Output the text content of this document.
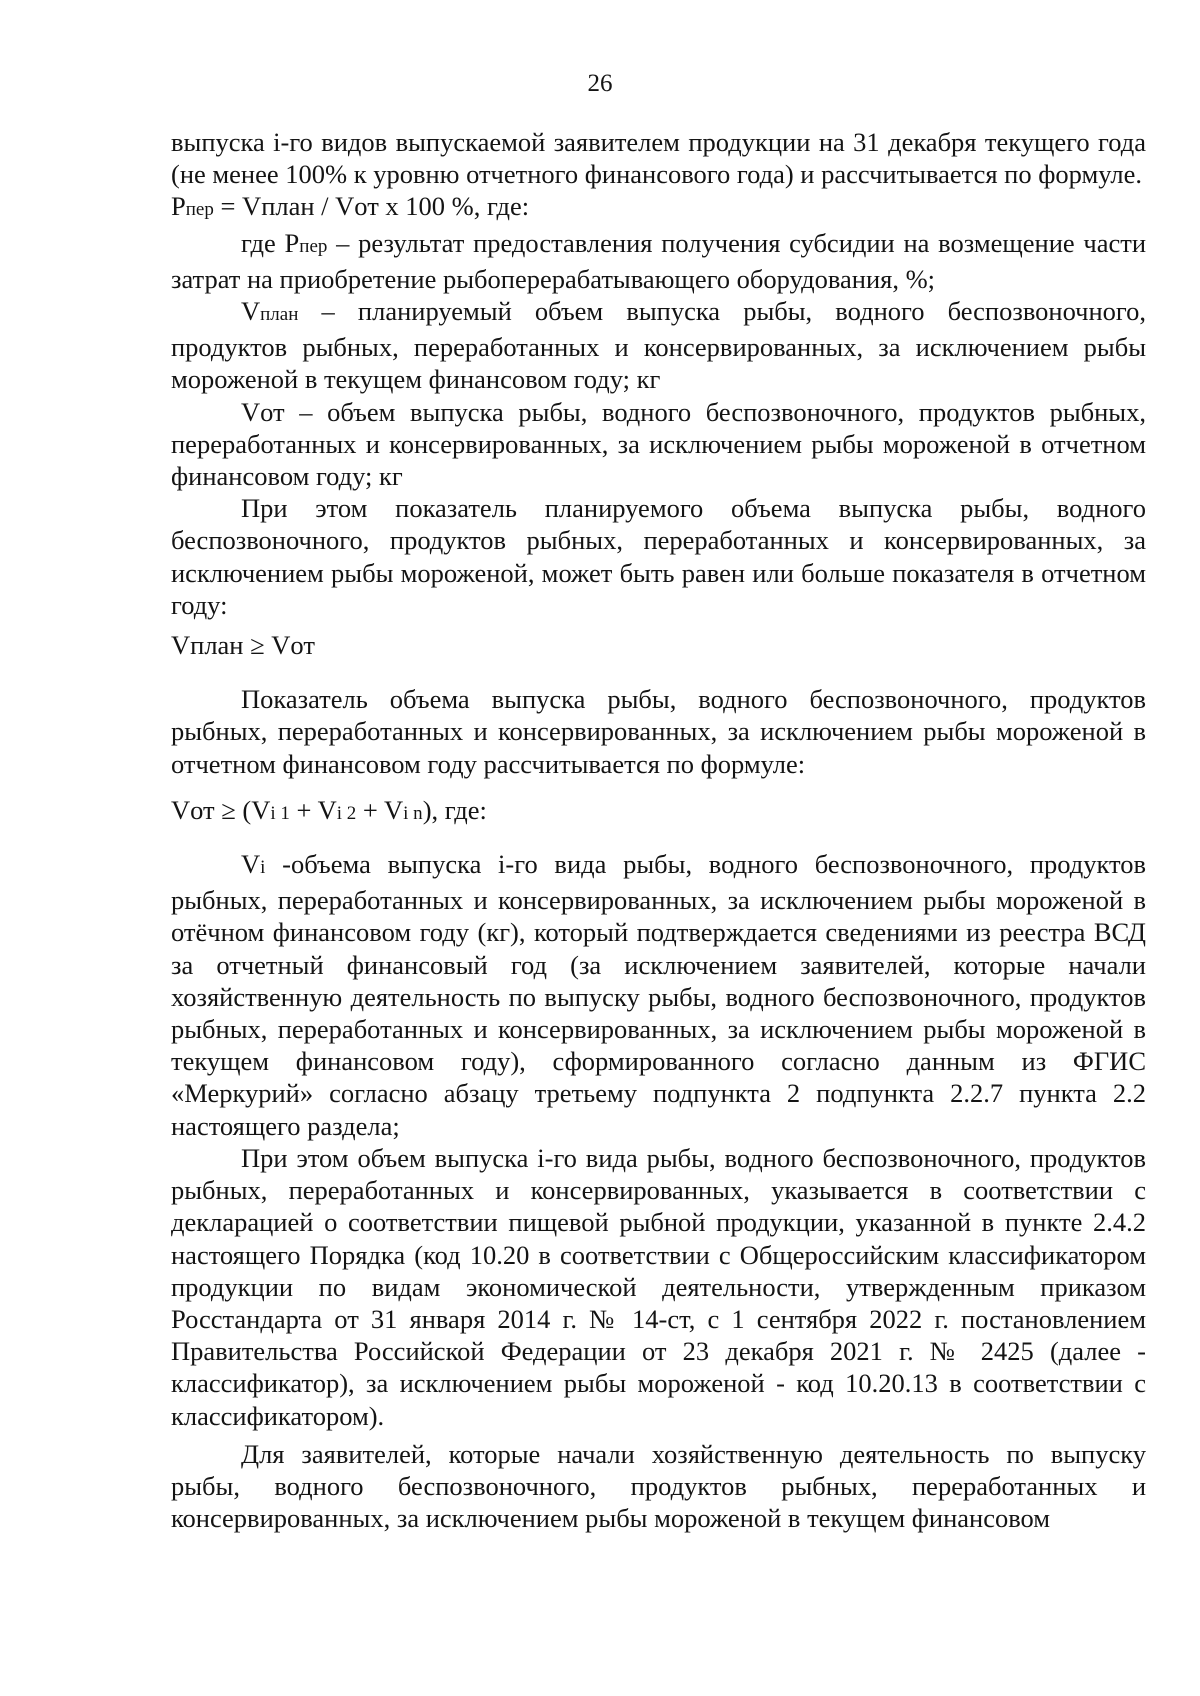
26

выпуска i-го видов выпускаемой заявителем продукции на 31 декабря текущего года (не менее 100% к уровню отчетного финансового года) и рассчитывается по формуле.

Pпер = Vплан / Vот х 100 %, где:

где Pпер – результат предоставления получения субсидии на возмещение части затрат на приобретение рыбоперерабатывающего оборудования, %;

Vплан – планируемый объем выпуска рыбы, водного беспозвоночного, продуктов рыбных, переработанных и консервированных, за исключением рыбы мороженой в текущем финансовом году; кг

Vот – объем выпуска рыбы, водного беспозвоночного, продуктов рыбных, переработанных и консервированных, за исключением рыбы мороженой в отчетном финансовом году; кг

При этом показатель планируемого объема выпуска рыбы, водного беспозвоночного, продуктов рыбных, переработанных и консервированных, за исключением рыбы мороженой, может быть равен или больше показателя в отчетном году:

Vплан ≥ Vот

Показатель объема выпуска рыбы, водного беспозвоночного, продуктов рыбных, переработанных и консервированных, за исключением рыбы мороженой в отчетном финансовом году рассчитывается по формуле:

Vот ≥ (Vi 1 + Vi 2 + Vi n), где:

Vi -объема выпуска i-го вида рыбы, водного беспозвоночного, продуктов рыбных, переработанных и консервированных, за исключением рыбы мороженой в отёчном финансовом году (кг), который подтверждается сведениями из реестра ВСД за отчетный финансовый год (за исключением заявителей, которые начали хозяйственную деятельность по выпуску рыбы, водного беспозвоночного, продуктов рыбных, переработанных и консервированных, за исключением рыбы мороженой в текущем финансовом году), сформированного согласно данным из ФГИС «Меркурий» согласно абзацу третьему подпункта 2 подпункта 2.2.7 пункта 2.2 настоящего раздела;

При этом объем выпуска i-го вида рыбы, водного беспозвоночного, продуктов рыбных, переработанных и консервированных, указывается в соответствии с декларацией о соответствии пищевой рыбной продукции, указанной в пункте 2.4.2 настоящего Порядка (код 10.20 в соответствии с Общероссийским классификатором продукции по видам экономической деятельности, утвержденным приказом Росстандарта от 31 января 2014 г. № 14-ст, с 1 сентября 2022 г. постановлением Правительства Российской Федерации от 23 декабря 2021 г. № 2425 (далее - классификатор), за исключением рыбы мороженой - код 10.20.13 в соответствии с классификатором).

Для заявителей, которые начали хозяйственную деятельность по выпуску рыбы, водного беспозвоночного, продуктов рыбных, переработанных и консервированных, за исключением рыбы мороженой в текущем финансовом
